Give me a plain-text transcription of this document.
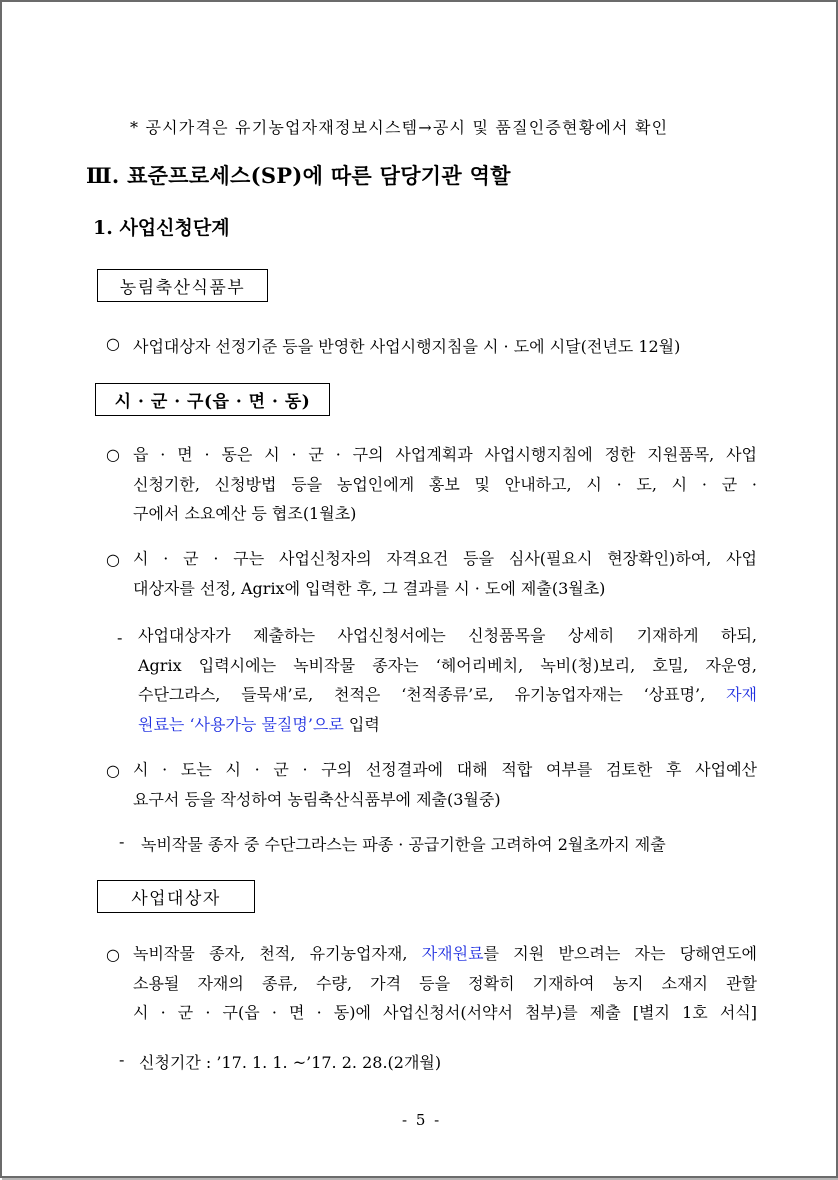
* 공시가격은 유기농업자재정보시스템→공시 및 품질인증현황에서 확인
Ⅲ. 표준프로세스(SP)에 따른 담당기관 역할
1. 사업신청단계
농림축산식품부
○ 사업대상자 선정기준 등을 반영한 사업시행지침을 시 · 도에 시달(전년도 12월)
시 · 군 · 구(읍 · 면 · 동)
○ 읍 · 면 · 동은 시 · 군 · 구의 사업계획과 사업시행지침에 정한 지원품목, 사업
신청기한, 신청방법 등을 농업인에게 홍보 및 안내하고, 시 · 도, 시 · 군 ·
구에서 소요예산 등 협조(1월초)
○ 시 · 군 · 구는 사업신청자의 자격요건 등을 심사(필요시 현장확인)하여, 사업
대상자를 선정, Agrix에 입력한 후, 그 결과를 시 · 도에 제출(3월초)
- 사업대상자가 제출하는 사업신청서에는 신청품목을 상세히 기재하게 하되,
Agrix 입력시에는 녹비작물 종자는 ‘헤어리베치, 녹비(청)보리, 호밀, 자운영,
수단그라스, 들묵새’로, 천적은 ‘천적종류’로, 유기농업자재는 ‘상표명’, 자재
원료는 ‘사용가능 물질명’으로 입력
○ 시 · 도는 시 · 군 · 구의 선정결과에 대해 적합 여부를 검토한 후 사업예산
요구서 등을 작성하여 농림축산식품부에 제출(3월중)
- 녹비작물 종자 중 수단그라스는 파종 · 공급기한을 고려하여 2월초까지 제출
사업대상자
○ 녹비작물 종자, 천적, 유기농업자재, 자재원료를 지원 받으려는 자는 당해연도에
소용될 자재의 종류, 수량, 가격 등을 정확히 기재하여 농지 소재지 관할
시 · 군 · 구(읍 · 면 · 동)에 사업신청서(서약서 첨부)를 제출 [별지 1호 서식]
- 신청기간 : ’17. 1. 1. ~’17. 2. 28.(2개월)
- 5 -
